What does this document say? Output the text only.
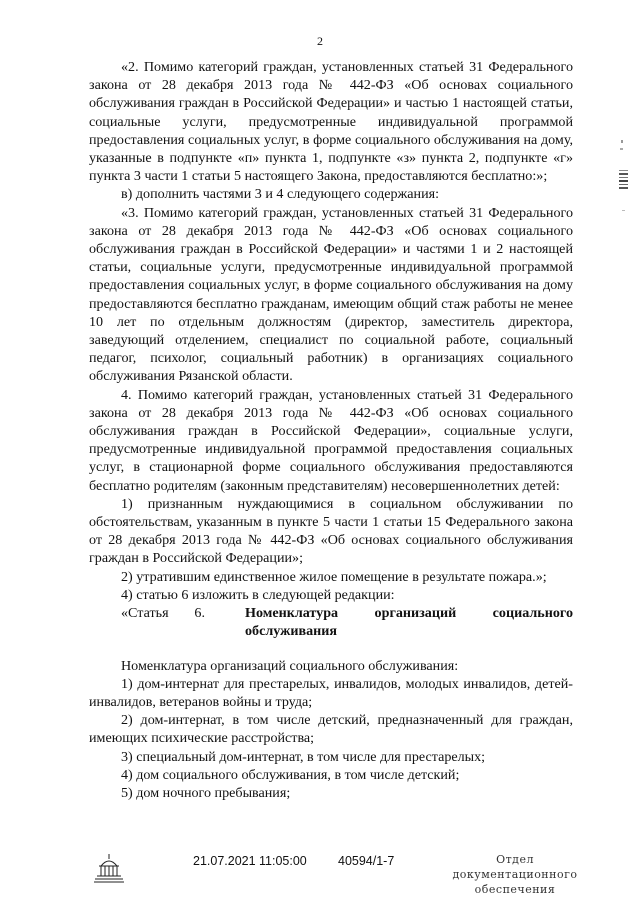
2

«2. Помимо категорий граждан, установленных статьей 31 Федерального закона от 28 декабря 2013 года № 442-ФЗ «Об основах социального обслуживания граждан в Российской Федерации» и частью 1 настоящей статьи, социальные услуги, предусмотренные индивидуальной программой предоставления социальных услуг, в форме социального обслуживания на дому, указанные в подпункте «п» пункта 1, подпункте «з» пункта 2, подпункте «г» пункта 3 части 1 статьи 5 настоящего Закона, предоставляются бесплатно:»;

в) дополнить частями 3 и 4 следующего содержания:

«3. Помимо категорий граждан, установленных статьей 31 Федерального закона от 28 декабря 2013 года № 442-ФЗ «Об основах социального обслуживания граждан в Российской Федерации» и частями 1 и 2 настоящей статьи, социальные услуги, предусмотренные индивидуальной программой предоставления социальных услуг, в форме социального обслуживания на дому предоставляются бесплатно гражданам, имеющим общий стаж работы не менее 10 лет по отдельным должностям (директор, заместитель директора, заведующий отделением, специалист по социальной работе, социальный педагог, психолог, социальный работник) в организациях социального обслуживания Рязанской области.

4. Помимо категорий граждан, установленных статьей 31 Федерального закона от 28 декабря 2013 года № 442-ФЗ «Об основах социального обслуживания граждан в Российской Федерации», социальные услуги, предусмотренные индивидуальной программой предоставления социальных услуг, в стационарной форме социального обслуживания предоставляются бесплатно родителям (законным представителям) несовершеннолетних детей:

1) признанным нуждающимися в социальном обслуживании по обстоятельствам, указанным в пункте 5 части 1 статьи 15 Федерального закона от 28 декабря 2013 года № 442-ФЗ «Об основах социального обслуживания граждан в Российской Федерации»;

2) утратившим единственное жилое помещение в результате пожара.»;

4) статью 6 изложить в следующей редакции:

«Статья 6.	Номенклатура организаций социального
обслуживания

Номенклатура организаций социального обслуживания:

1) дом-интернат для престарелых, инвалидов, молодых инвалидов, детей-инвалидов, ветеранов войны и труда;

2) дом-интернат, в том числе детский, предназначенный для граждан, имеющих психические расстройства;

3) специальный дом-интернат, в том числе для престарелых;

4) дом социального обслуживания, в том числе детский;

5) дом ночного пребывания;

21.07.2021 11:05:00 40594/1-7	Отдел документационного
обеспечения
